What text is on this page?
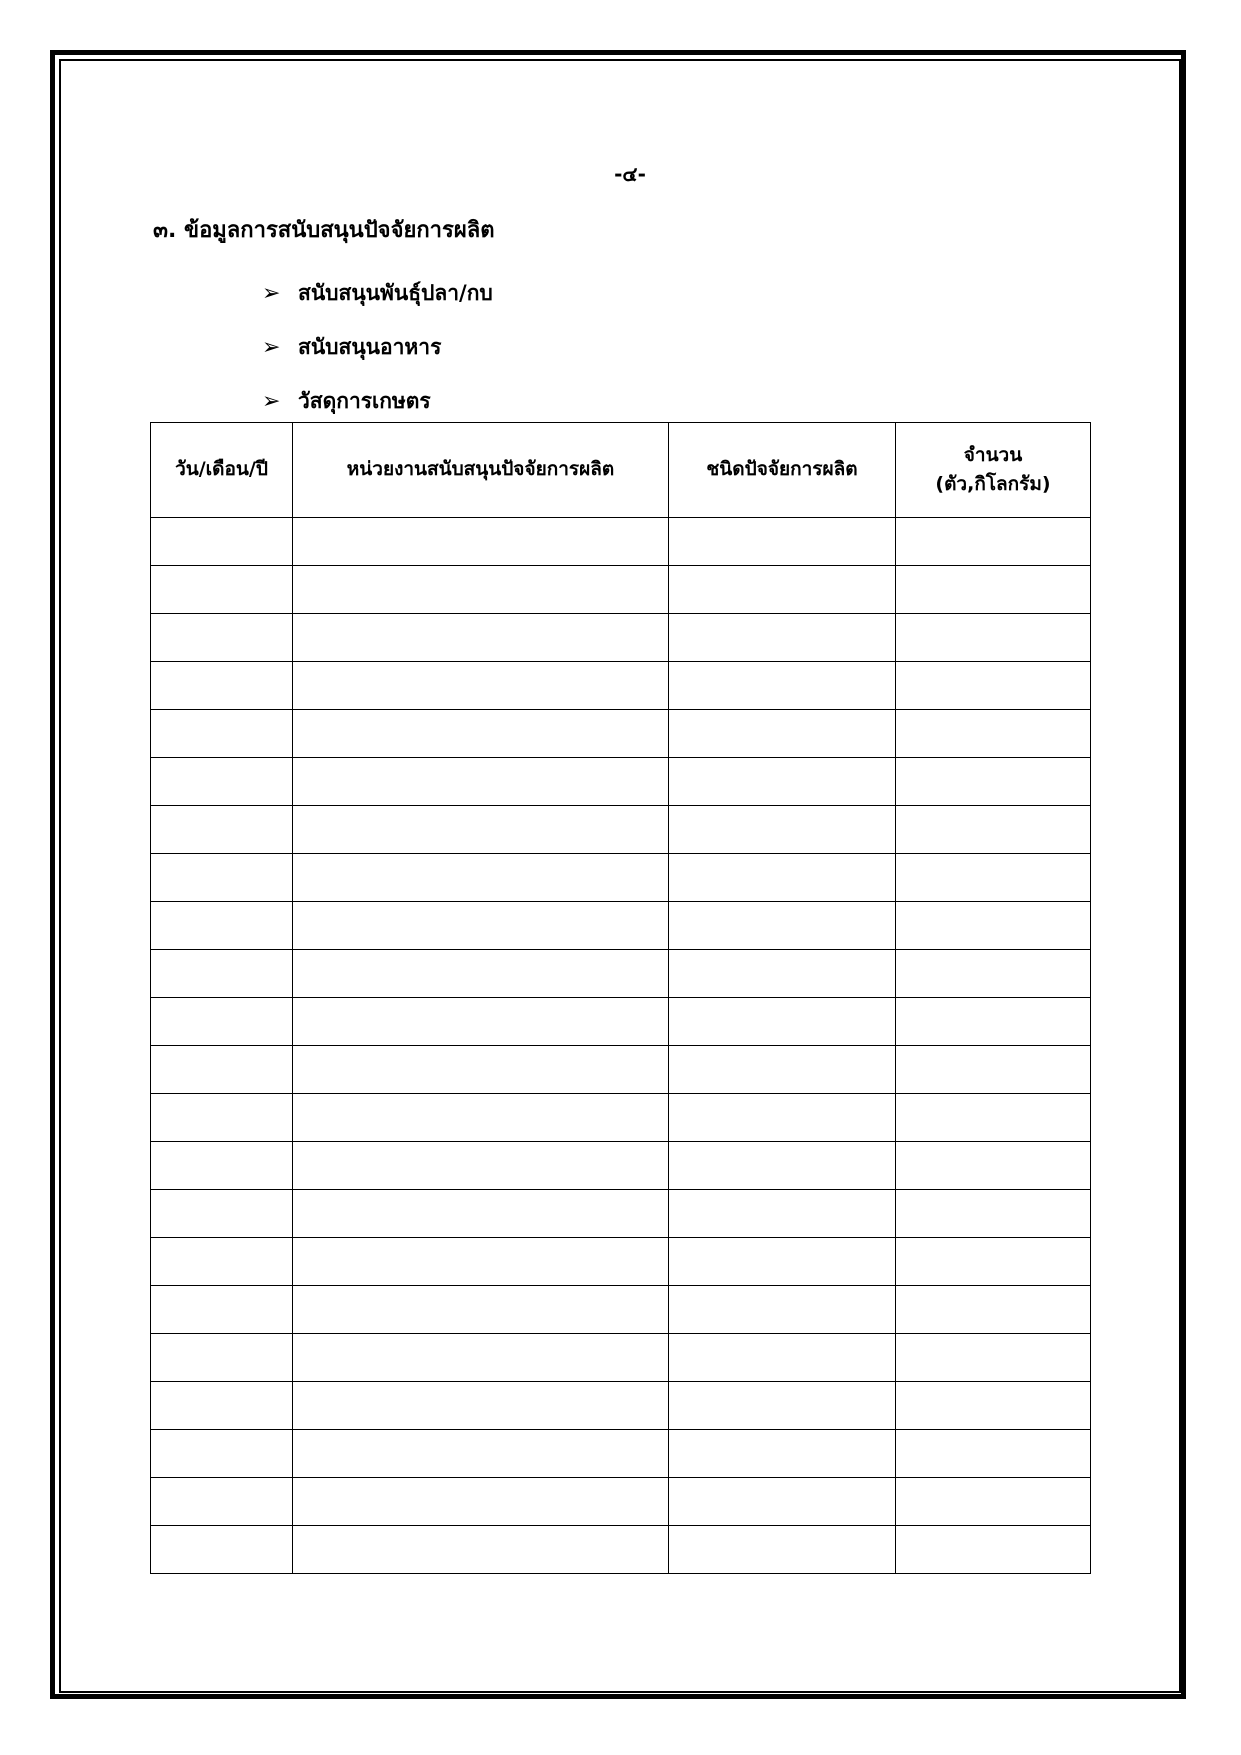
-๔-
๓. ข้อมูลการสนับสนุนปัจจัยการผลิต
➢ สนับสนุนพันธุ์ปลา/กบ
➢ สนับสนุนอาหาร
➢ วัสดุการเกษตร
วัน/เดือน/ปี	หน่วยงานสนับสนุนปัจจัยการผลิต	ชนิดปัจจัยการผลิต	จำนวน
(ตัว,กิโลกรัม)
